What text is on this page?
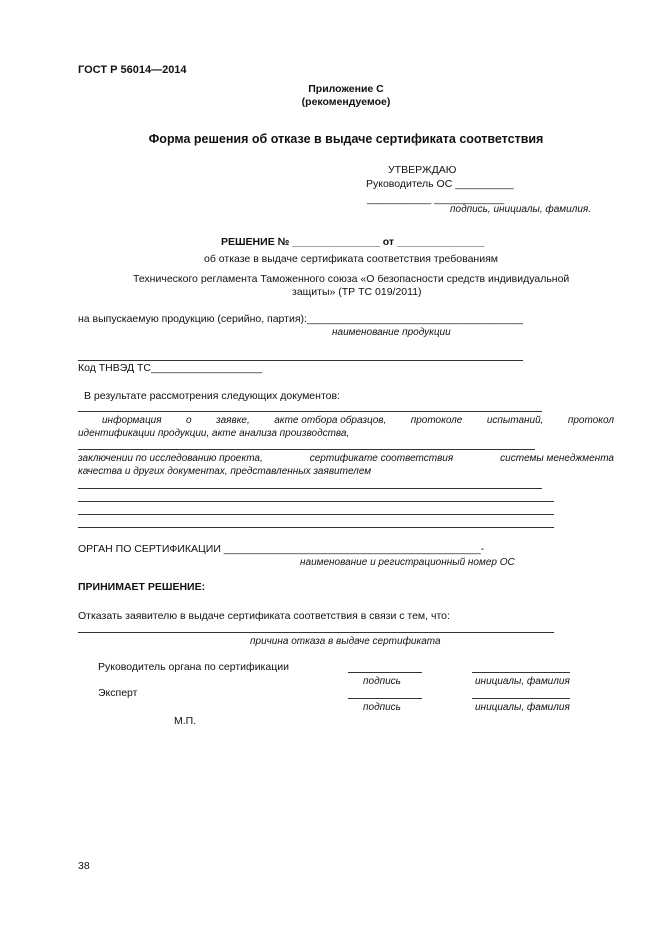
ГОСТ Р 56014—2014
Приложение С
(рекомендуемое)
Форма решения об отказе в выдаче сертификата соответствия
УТВЕРЖДАЮ
Руководитель ОС __________
___________ ____________
подпись, инициалы, фамилия.
РЕШЕНИЕ № _______________ от _______________
об отказе в выдаче сертификата соответствия требованиям
Технического регламента Таможенного союза «О безопасности средств индивидуальной
защиты» (ТР ТС 019/2011)
на выпускаемую продукцию (серийно, партия):_____________________________________
наименование продукции
Код ТНВЭД ТС___________________
В результате рассмотрения следующих документов:
информация о заявке, акте отбора образцов, протоколе испытаний, протокол
идентификации продукции, акте анализа производства,
заключении по исследованию проекта,	сертификате соответствия	системы менеджмента
качества и других документах, представленных заявителем
ОРГАН ПО СЕРТИФИКАЦИИ ____________________________________________-
наименование и регистрационный номер ОС
ПРИНИМАЕТ РЕШЕНИЕ:
Отказать заявителю в выдаче сертификата соответствия в связи с тем, что:
причина отказа в выдаче сертификата
Руководитель органа по сертификации
подпись	инициалы, фамилия
Эксперт
подпись	инициалы, фамилия
М.П.
38
